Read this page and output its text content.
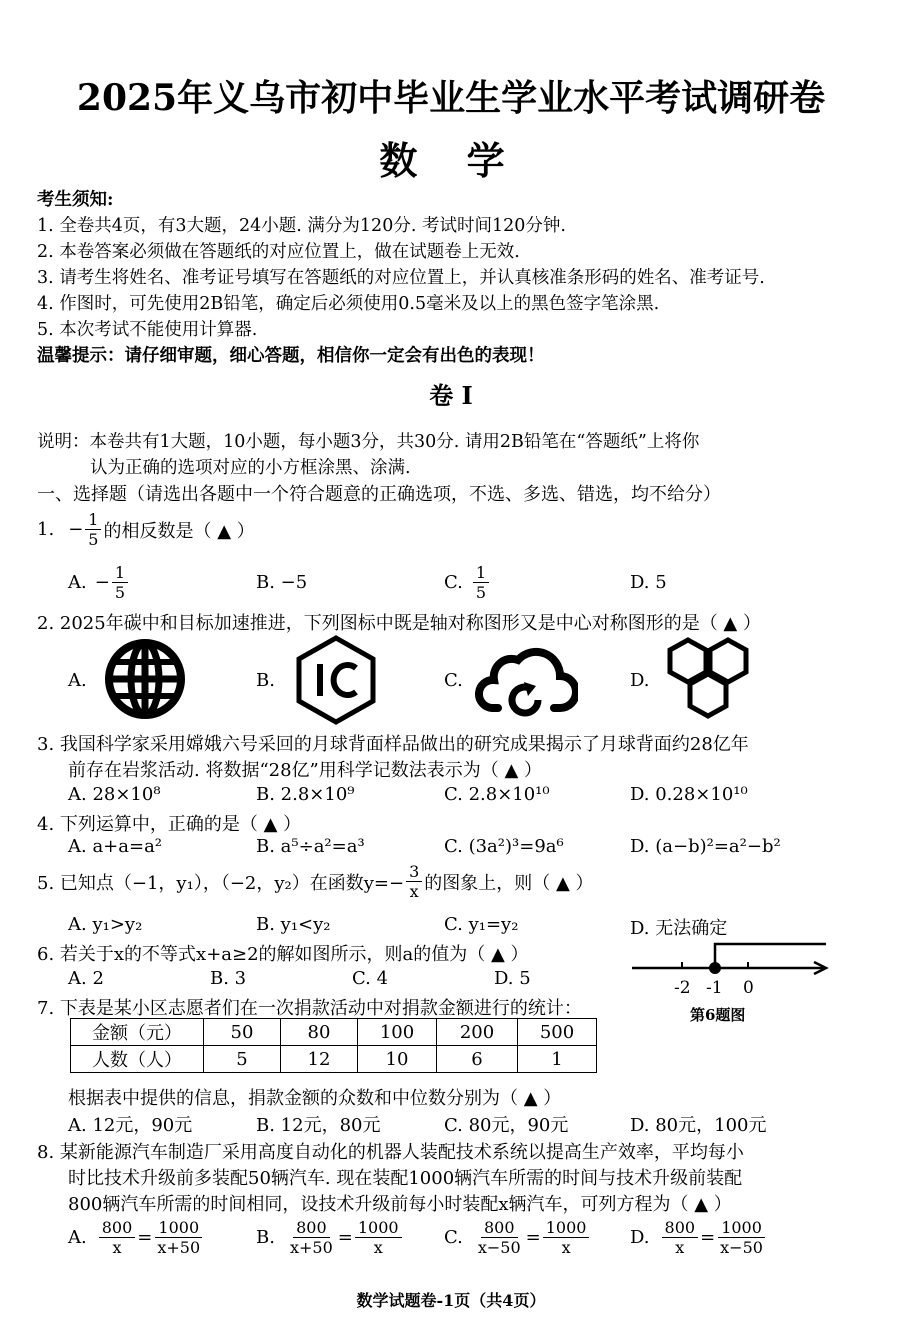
2025年义乌市初中毕业生学业水平考试调研卷
数 学
考生须知:
1. 全卷共4页，有3大题，24小题. 满分为120分. 考试时间120分钟.
2. 本卷答案必须做在答题纸的对应位置上，做在试题卷上无效.
3. 请考生将姓名、准考证号填写在答题纸的对应位置上，并认真核准条形码的姓名、准考证号.
4. 作图时，可先使用2B铅笔，确定后必须使用0.5毫米及以上的黑色签字笔涂黑.
5. 本次考试不能使用计算器.
温馨提示：请仔细审题，细心答题，相信你一定会有出色的表现！
卷 I
说明：本卷共有1大题，10小题，每小题3分，共30分. 请用2B铅笔在“答题纸”上将你
认为正确的选项对应的小方框涂黑、涂满.
一、选择题（请选出各题中一个符合题意的正确选项，不选、多选、错选，均不给分）
1. − $\frac{1}{5}$ 的相反数是（ ▲ ）
A. − $\frac{1}{5}$	B. −5	C. $\frac{1}{5}$	D. 5
2. 2025年碳中和目标加速推进，下列图标中既是轴对称图形又是中心对称图形的是（ ▲ ）
A.	B.	C.	D.
3. 我国科学家采用嫦娥六号采回的月球背面样品做出的研究成果揭示了月球背面约28亿年
前存在岩浆活动. 将数据“28亿”用科学记数法表示为（ ▲ ）
A. 28×10⁸	B. 2.8×10⁹	C. 2.8×10¹⁰	D. 0.28×10¹⁰
4. 下列运算中，正确的是（ ▲ ）
A. a+a=a²	B. a⁵÷a²=a³	C. (3a²)³=9a⁶	D. (a−b)²=a²−b²
5. 已知点（−1，y₁），（−2，y₂）在函数$y=- \frac{3}{x}$ 的图象上，则（ ▲ ）
A. y₁>y₂	B. y₁<y₂	C. y₁=y₂	D. 无法确定
6. 若关于x的不等式x+a≥2的解如图所示，则a的值为（ ▲ ）
A. 2	B. 3	C. 4	D. 5	-2 -1 0
第6题图
7. 下表是某小区志愿者们在一次捐款活动中对捐款金额进行的统计：
金额（元）	50	80	100	200	500
人数（人）	5	12	10	6	1
根据表中提供的信息，捐款金额的众数和中位数分别为（ ▲ ）
A. 12元，90元	B. 12元，80元	C. 80元，90元	D. 80元，100元
8. 某新能源汽车制造厂采用高度自动化的机器人装配技术系统以提高生产效率，平均每小
时比技术升级前多装配50辆汽车. 现在装配1000辆汽车所需的时间与技术升级前装配
800辆汽车所需的时间相同，设技术升级前每小时装配x辆汽车，可列方程为（ ▲ ）
A. $\frac{800}{x} = \frac{1000}{x+50}$	B. $\frac{800}{x+50} = \frac{1000}{x} C$. $\frac{800}{x-50} = \frac{1000}{x} D$. $\frac{800}{x} = \frac{1000}{x-50}$
数学试题卷-1页（共4页）
